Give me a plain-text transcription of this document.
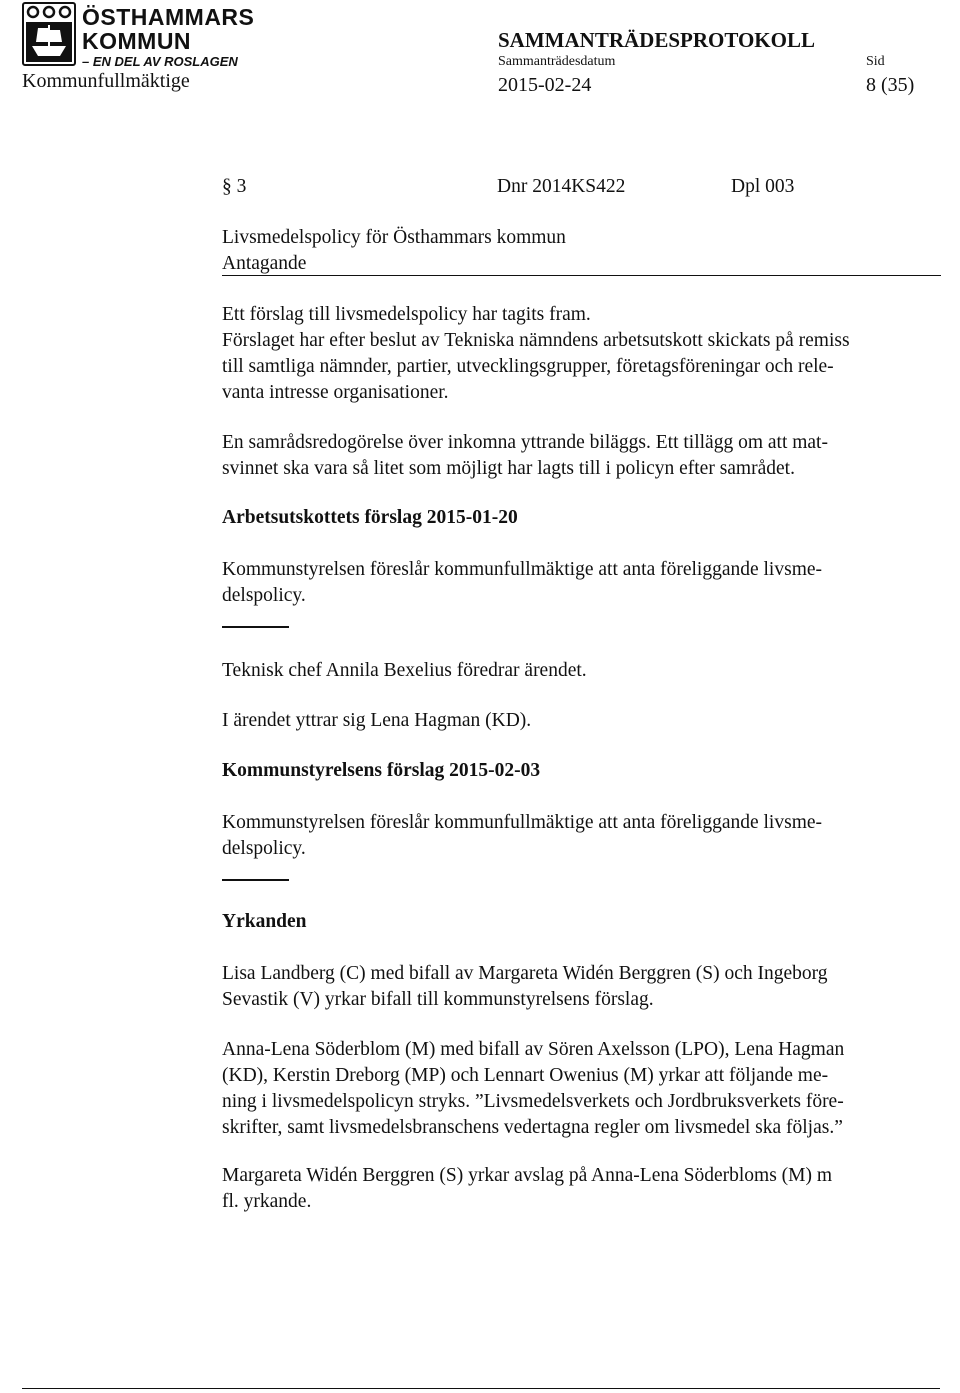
ÖSTHAMMARS
KOMMUN
– EN DEL AV ROSLAGEN
Kommunfullmäktige
SAMMANTRÄDESPROTOKOLL
Sammanträdesdatum	Sid
2015-02-24	8 (35)
§ 3	Dnr 2014KS422	Dpl 003
Livsmedelspolicy för Östhammars kommun
Antagande
Ett förslag till livsmedelspolicy har tagits fram.
Förslaget har efter beslut av Tekniska nämndens arbetsutskott skickats på remiss
till samtliga nämnder, partier, utvecklingsgrupper, företagsföreningar och rele-
vanta intresse organisationer.
En samrådsredogörelse över inkomna yttrande biläggs. Ett tillägg om att mat-
svinnet ska vara så litet som möjligt har lagts till i policyn efter samrådet.
Arbetsutskottets förslag 2015-01-20
Kommunstyrelsen föreslår kommunfullmäktige att anta föreliggande livsme-
delspolicy.
Teknisk chef Annila Bexelius föredrar ärendet.
I ärendet yttrar sig Lena Hagman (KD).
Kommunstyrelsens förslag 2015-02-03
Kommunstyrelsen föreslår kommunfullmäktige att anta föreliggande livsme-
delspolicy.
Yrkanden
Lisa Landberg (C) med bifall av Margareta Widén Berggren (S) och Ingeborg
Sevastik (V) yrkar bifall till kommunstyrelsens förslag.
Anna-Lena Söderblom (M) med bifall av Sören Axelsson (LPO), Lena Hagman
(KD), Kerstin Dreborg (MP) och Lennart Owenius (M) yrkar att följande me-
ning i livsmedelspolicyn stryks. ”Livsmedelsverkets och Jordbruksverkets före-
skrifter, samt livsmedelsbranschens vedertagna regler om livsmedel ska följas.”
Margareta Widén Berggren (S) yrkar avslag på Anna-Lena Söderbloms (M) m
fl. yrkande.
